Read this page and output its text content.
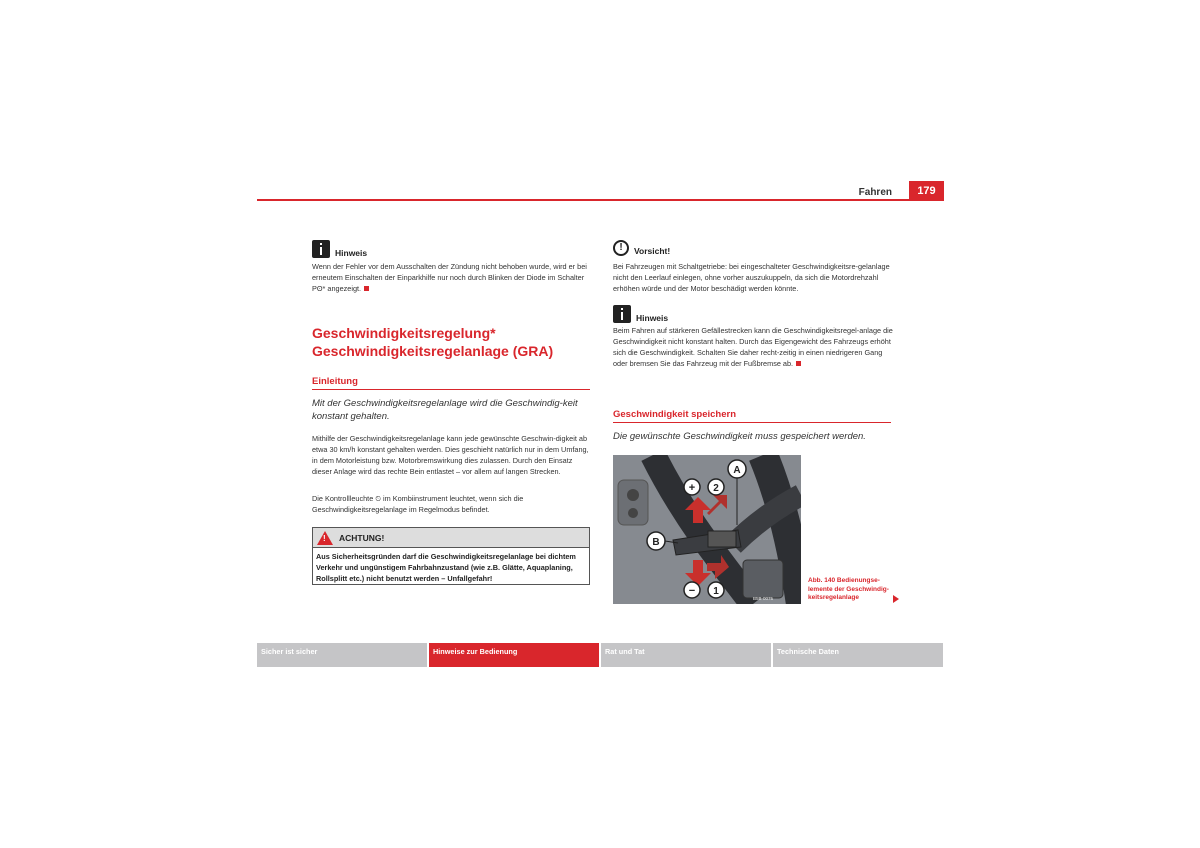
Fahren	179
Hinweis
Wenn der Fehler vor dem Ausschalten der Zündung nicht behoben wurde, wird er bei erneutem Einschalten der Einparkhilfe nur noch durch Blinken der Diode im Schalter Pʘ* angezeigt.
Geschwindigkeitsregelung*
Geschwindigkeitsregelanlage (GRA)
Einleitung
Mit der Geschwindigkeitsregelanlage wird die Geschwindig-keit konstant gehalten.
Mithilfe der Geschwindigkeitsregelanlage kann jede gewünschte Geschwin-digkeit ab etwa 30 km/h konstant gehalten werden. Dies geschieht natürlich nur in dem Umfang, in dem Motorleistung bzw. Motorbremswirkung dies zulassen. Durch den Einsatz dieser Anlage wird das rechte Bein entlastet – vor allem auf langen Strecken.
Die Kontrollleuchte ⏲ im Kombiinstrument leuchtet, wenn sich die Geschwindigkeitsregelanlage im Regelmodus befindet.
! ACHTUNG!
Aus Sicherheitsgründen darf die Geschwindigkeitsregelanlage bei dichtem Verkehr und ungünstigem Fahrbahnzustand (wie z.B. Glätte, Aquaplaning, Rollsplitt etc.) nicht benutzt werden – Unfallgefahr!
!	Vorsicht!
Bei Fahrzeugen mit Schaltgetriebe: bei eingeschalteter Geschwindigkeitsre-gelanlage nicht den Leerlauf einlegen, ohne vorher auszukuppeln, da sich die Motordrehzahl erhöhen würde und der Motor beschädigt werden könnte.
Hinweis
Beim Fahren auf stärkeren Gefällestrecken kann die Geschwindigkeitsregel-anlage die Geschwindigkeit nicht konstant halten. Durch das Eigengewicht des Fahrzeugs erhöht sich die Geschwindigkeit. Schalten Sie daher recht-zeitig in einen niedrigeren Gang oder bremsen Sie das Fahrzeug mit der Fußbremse ab.
Geschwindigkeit speichern
Die gewünschte Geschwindigkeit muss gespeichert werden.
+
−
2
1
A
B
B5B-0075
Abb. 140 Bedienungse-lemente der Geschwindig-keitsregelanlage
Sicher ist sicher	Hinweise zur Bedienung	Rat und Tat	Technische Daten
